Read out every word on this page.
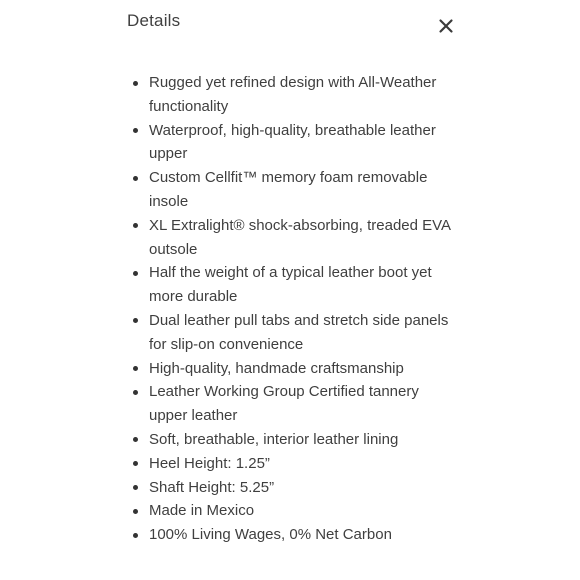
Details
Rugged yet refined design with All-Weather functionality
Waterproof, high-quality, breathable leather upper
Custom Cellfit™ memory foam removable insole
XL Extralight® shock-absorbing, treaded EVA outsole
Half the weight of a typical leather boot yet more durable
Dual leather pull tabs and stretch side panels for slip-on convenience
High-quality, handmade craftsmanship
Leather Working Group Certified tannery upper leather
Soft, breathable, interior leather lining
Heel Height: 1.25”
Shaft Height: 5.25”
Made in Mexico
100% Living Wages, 0% Net Carbon
